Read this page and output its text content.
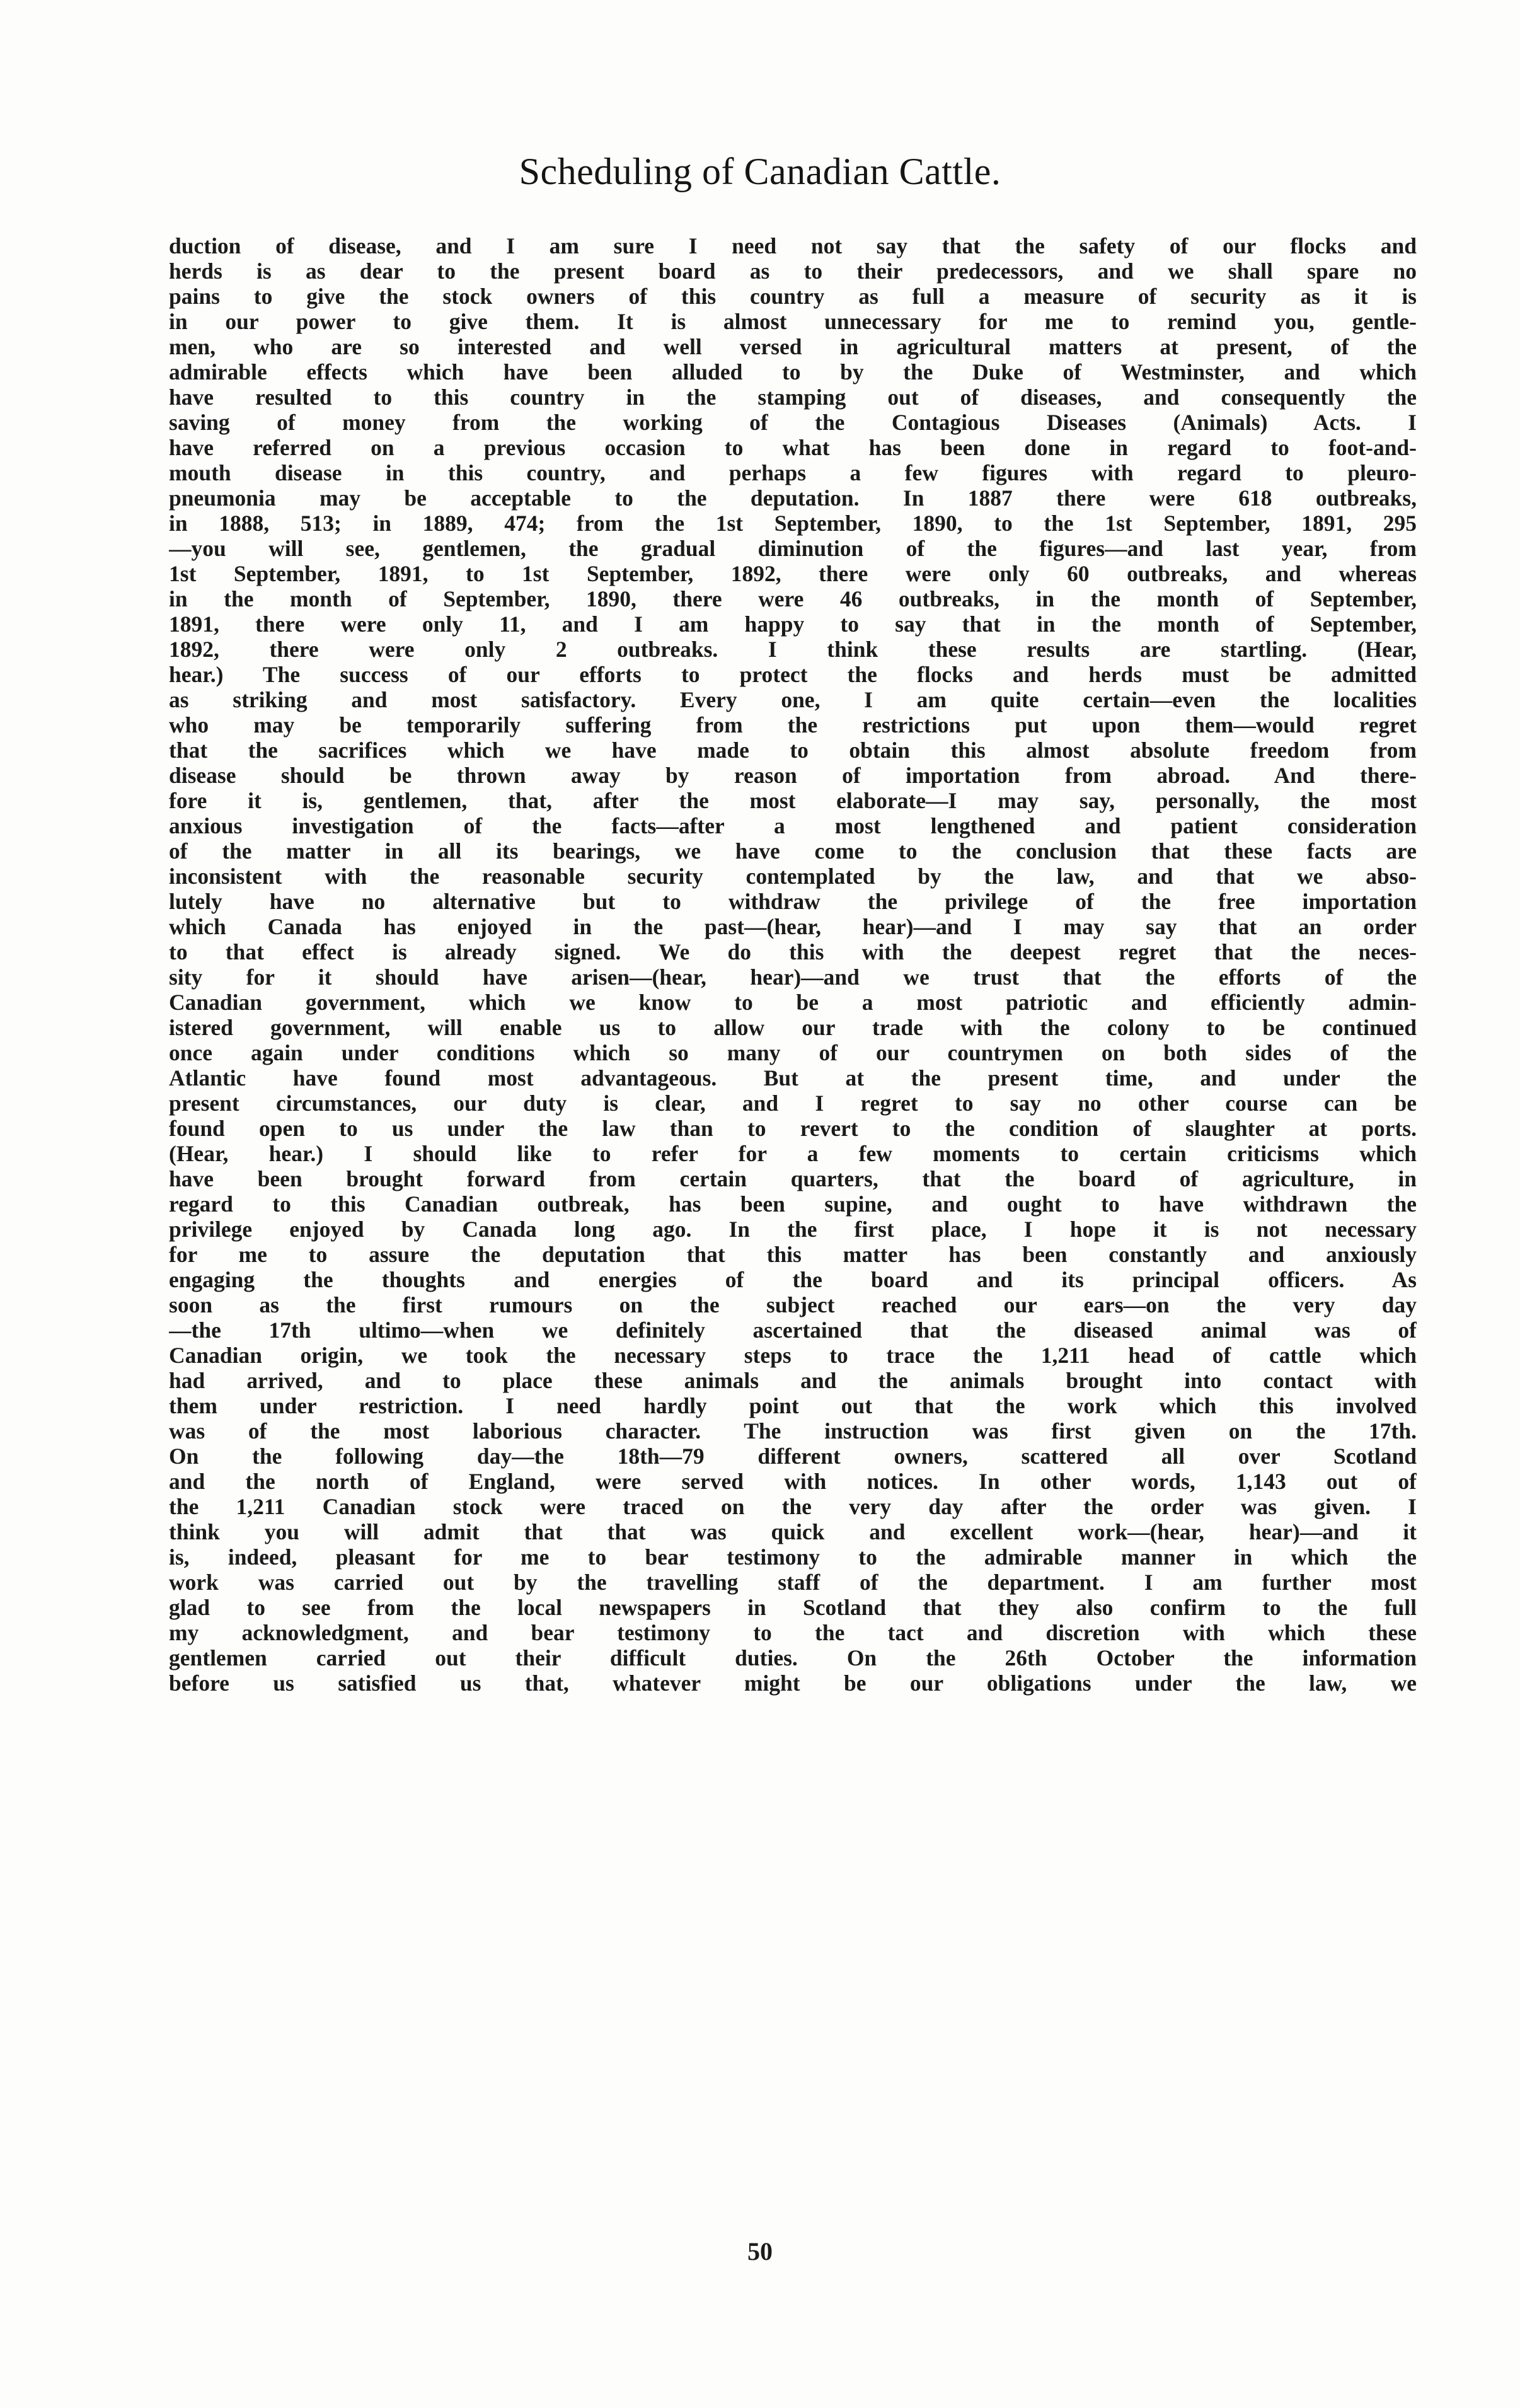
Scheduling of Canadian Cattle.
duction of disease, and I am sure I need not say that the safety of our flocks and
herds is as dear to the present board as to their predecessors, and we shall spare no
pains to give the stock owners of this country as full a measure of security as it is
in our power to give them. It is almost unnecessary for me to remind you, gentle-
men, who are so interested and well versed in agricultural matters at present, of the
admirable effects which have been alluded to by the Duke of Westminster, and which
have resulted to this country in the stamping out of diseases, and consequently the
saving of money from the working of the Contagious Diseases (Animals) Acts. I
have referred on a previous occasion to what has been done in regard to foot-and-
mouth disease in this country, and perhaps a few figures with regard to pleuro-
pneumonia may be acceptable to the deputation. In 1887 there were 618 outbreaks,
in 1888, 513; in 1889, 474; from the 1st September, 1890, to the 1st September, 1891, 295
—you will see, gentlemen, the gradual diminution of the figures—and last year, from
1st September, 1891, to 1st September, 1892, there were only 60 outbreaks, and whereas
in the month of September, 1890, there were 46 outbreaks, in the month of September,
1891, there were only 11, and I am happy to say that in the month of September,
1892, there were only 2 outbreaks. I think these results are startling. (Hear,
hear.) The success of our efforts to protect the flocks and herds must be admitted
as striking and most satisfactory. Every one, I am quite certain—even the localities
who may be temporarily suffering from the restrictions put upon them—would regret
that the sacrifices which we have made to obtain this almost absolute freedom from
disease should be thrown away by reason of importation from abroad. And there-
fore it is, gentlemen, that, after the most elaborate—I may say, personally, the most
anxious investigation of the facts—after a most lengthened and patient consideration
of the matter in all its bearings, we have come to the conclusion that these facts are
inconsistent with the reasonable security contemplated by the law, and that we abso-
lutely have no alternative but to withdraw the privilege of the free importation
which Canada has enjoyed in the past—(hear, hear)—and I may say that an order
to that effect is already signed. We do this with the deepest regret that the neces-
sity for it should have arisen—(hear, hear)—and we trust that the efforts of the
Canadian government, which we know to be a most patriotic and efficiently admin-
istered government, will enable us to allow our trade with the colony to be continued
once again under conditions which so many of our countrymen on both sides of the
Atlantic have found most advantageous. But at the present time, and under the
present circumstances, our duty is clear, and I regret to say no other course can be
found open to us under the law than to revert to the condition of slaughter at ports.
(Hear, hear.) I should like to refer for a few moments to certain criticisms which
have been brought forward from certain quarters, that the board of agriculture, in
regard to this Canadian outbreak, has been supine, and ought to have withdrawn the
privilege enjoyed by Canada long ago. In the first place, I hope it is not necessary
for me to assure the deputation that this matter has been constantly and anxiously
engaging the thoughts and energies of the board and its principal officers. As
soon as the first rumours on the subject reached our ears—on the very day
—the 17th ultimo—when we definitely ascertained that the diseased animal was of
Canadian origin, we took the necessary steps to trace the 1,211 head of cattle which
had arrived, and to place these animals and the animals brought into contact with
them under restriction. I need hardly point out that the work which this involved
was of the most laborious character. The instruction was first given on the 17th.
On the following day—the 18th—79 different owners, scattered all over Scotland
and the north of England, were served with notices. In other words, 1,143 out of
the 1,211 Canadian stock were traced on the very day after the order was given. I
think you will admit that that was quick and excellent work—(hear, hear)—and it
is, indeed, pleasant for me to bear testimony to the admirable manner in which the
work was carried out by the travelling staff of the department. I am further most
glad to see from the local newspapers in Scotland that they also confirm to the full
my acknowledgment, and bear testimony to the tact and discretion with which these
gentlemen carried out their difficult duties. On the 26th October the information
before us satisfied us that, whatever might be our obligations under the law, we
50
